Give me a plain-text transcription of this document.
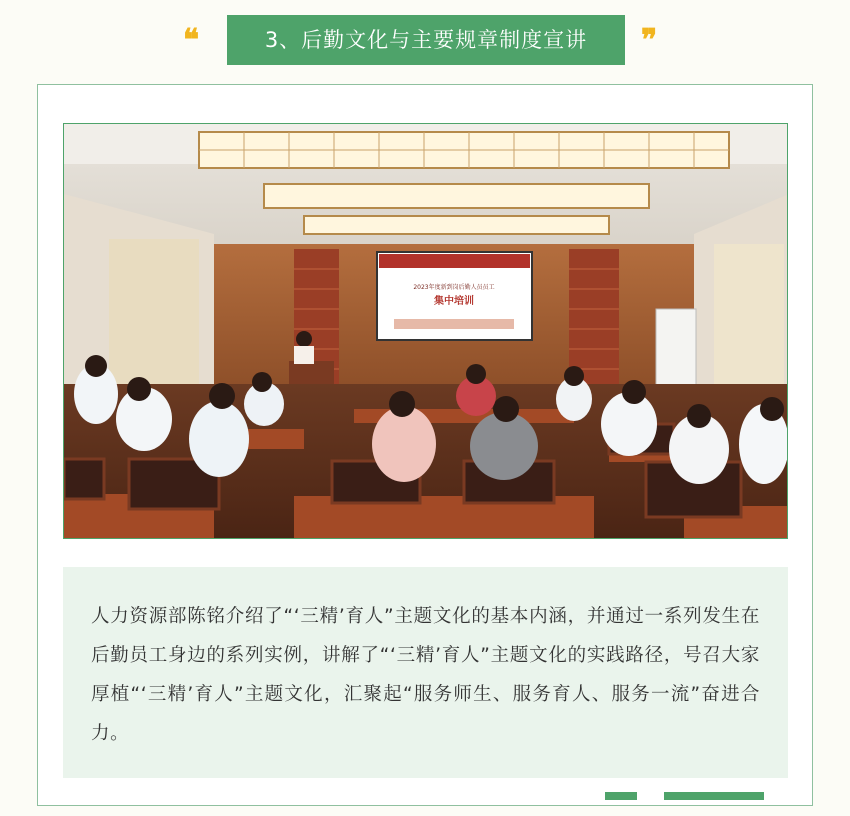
❝	3、后勤文化与主要规章制度宣讲	❞
2023年度新到岗后勤人员员工
集中培训

人力资源部陈铭介绍了“‘三精’育人”主题文化的基本内涵，并通过一系列发生在后勤员工身边的系列实例，讲解了“‘三精’育人”主题文化的实践路径，号召大家厚植“‘三精’育人”主题文化，汇聚起“服务师生、服务育人、服务一流”奋进合力。
